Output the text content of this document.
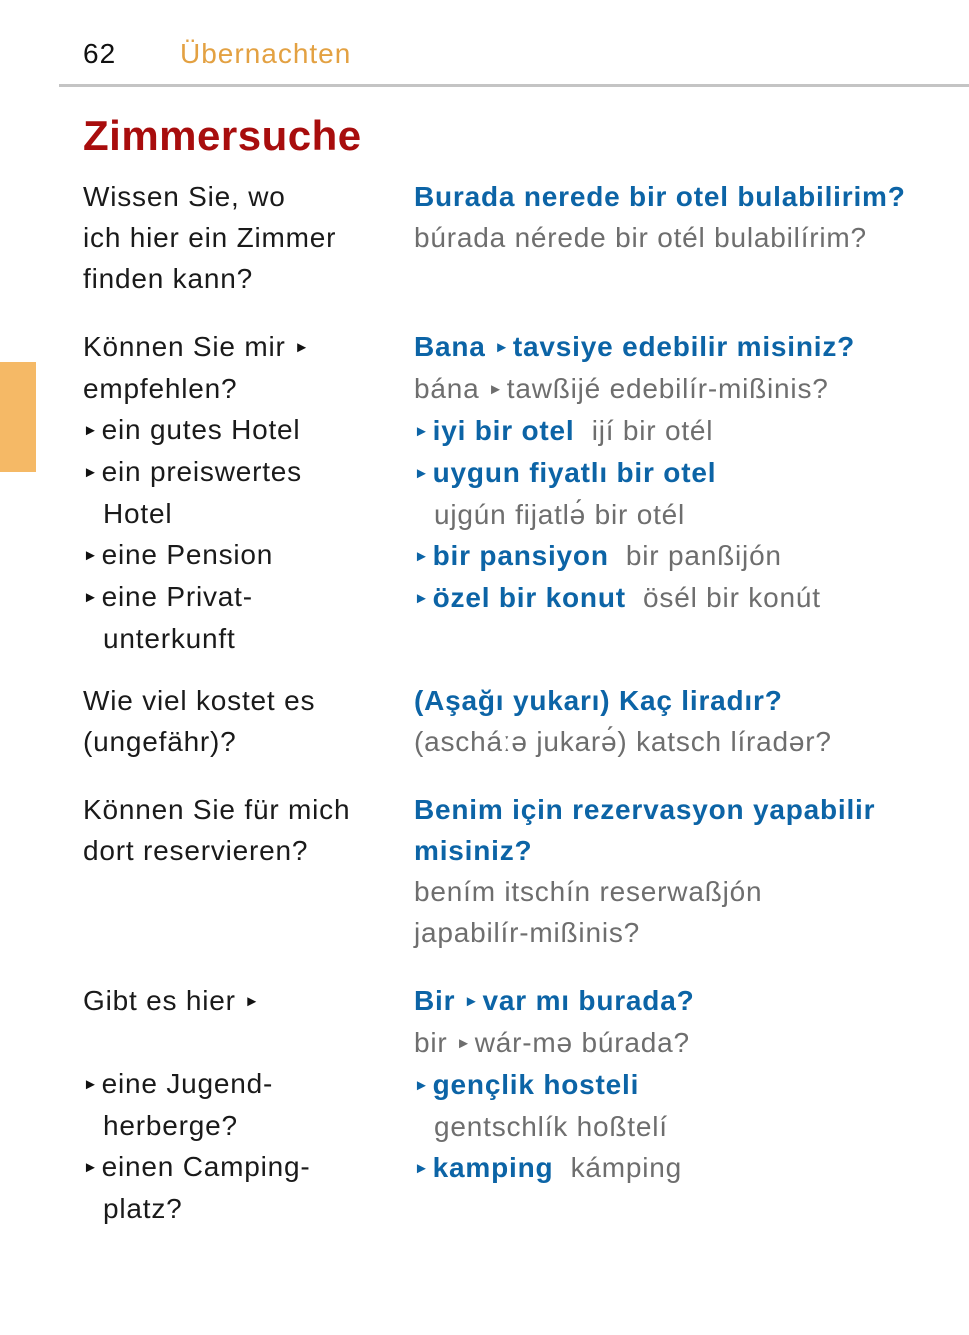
62 Übernachten
Zimmersuche
Wissen Sie, wo
ich hier ein Zimmer
finden kann?
Burada nerede bir otel bulabilirim?
búrada nérede bir otél bulabilírim?
Können Sie mir ►
empfehlen?
► ein gutes Hotel
► ein preiswertes
Hotel
► eine Pension
► eine Privat-
unterkunft
Bana ► tavsiye edebilir misiniz?
bána ► tawßijé edebilír-mißinis?
► iyi bir otel ijí bir otél
► uygun fiyatlı bir otel
ujgún fijatlə́ bir otél
► bir pansiyon bir panßijón
► özel bir konut ösél bir konút
Wie viel kostet es
(ungefähr)?
(Aşağı yukarı) Kaç liradır?
(ascháːə jukarə́) katsch líradər?
Können Sie für mich
dort reservieren?
Benim için rezervasyon yapabilir
misiniz?
bením itschín reserwaßjón
japabilír-mißinis?
Gibt es hier ►

► eine Jugend-
herberge?
► einen Camping-
platz?
Bir ► var mı burada?
bir ► wár-mə búrada?
► gençlik hosteli
gentschlík hoßtelí
► kamping kámping
